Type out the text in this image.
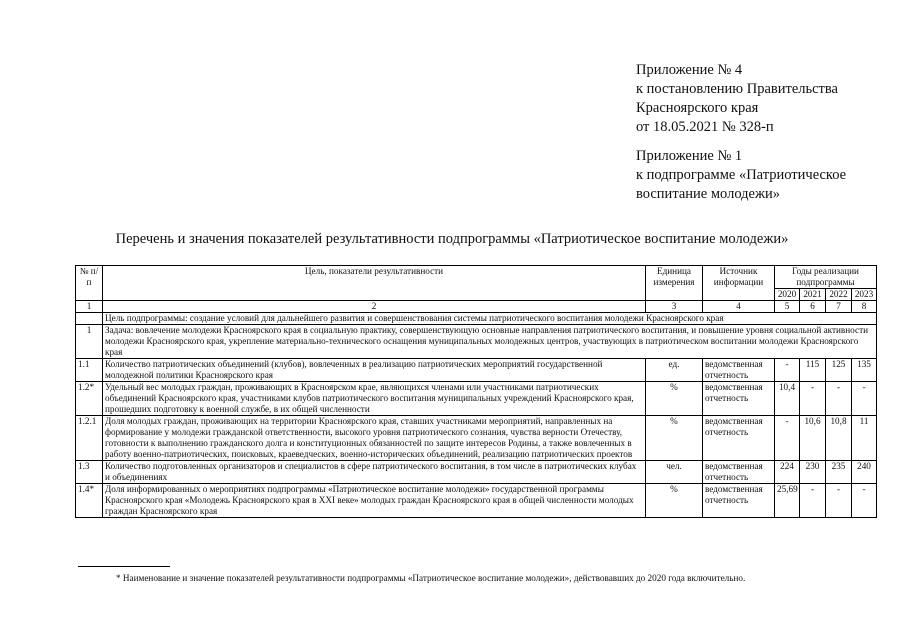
Приложение № 4
к постановлению Правительства
Красноярского края
от 18.05.2021 № 328-п
Приложение № 1
к подпрограмме «Патриотическое
воспитание молодежи»
Перечень и значения показателей результативности подпрограммы «Патриотическое воспитание молодежи»
№ п/п	Цель, показатели результативности	Единица измерения	Источник информации	Годы реализации подпрограммы			
				2020	2021	2022	2023
1	2	3	4	5	6	7	8
	Цель подпрограммы: создание условий для дальнейшего развития и совершенствования системы патриотического воспитания молодежи Красноярского края						
1	Задача: вовлечение молодежи Красноярского края в социальную практику, совершенствующую основные направления патриотического воспитания, и повышение уровня социальной активности молодежи Красноярского края, укрепление материально-технического оснащения муниципальных молодежных центров, участвующих в патриотическом воспитании молодежи Красноярского края						
1.1	Количество патриотических объединений (клубов), вовлеченных в реализацию патриотических мероприятий государственной молодежной политики Красноярского края	ед.	ведомственная отчетность	-	115	125	135
1.2*	Удельный вес молодых граждан, проживающих в Красноярском крае, являющихся членами или участниками патриотических объединений Красноярского края, участниками клубов патриотического воспитания муниципальных учреждений Красноярского края, прошедших подготовку к военной службе, в их общей численности	%	ведомственная отчетность	10,4	-	-	-
1.2.1	Доля молодых граждан, проживающих на территории Красноярского края, ставших участниками мероприятий, направленных на формирование у молодежи гражданской ответственности, высокого уровня патриотического сознания, чувства верности Отечеству, готовности к выполнению гражданского долга и конституционных обязанностей по защите интересов Родины, а также вовлеченных в работу военно-патриотических, поисковых, краеведческих, военно-исторических объединений, реализацию патриотических проектов	%	ведомственная отчетность	-	10,6	10,8	11
1.3	Количество подготовленных организаторов и специалистов в сфере патриотического воспитания, в том числе в патриотических клубах и объединениях	чел.	ведомственная отчетность	224	230	235	240
1.4*	Доля информированных о мероприятиях подпрограммы «Патриотическое воспитание молодежи» государственной программы Красноярского края «Молодежь Красноярского края в XXI веке» молодых граждан Красноярского края в общей численности молодых граждан Красноярского края	%	ведомственная отчетность	25,69	-	-	-
* Наименование и значение показателей результативности подпрограммы «Патриотическое воспитание молодежи», действовавших до 2020 года включительно.
